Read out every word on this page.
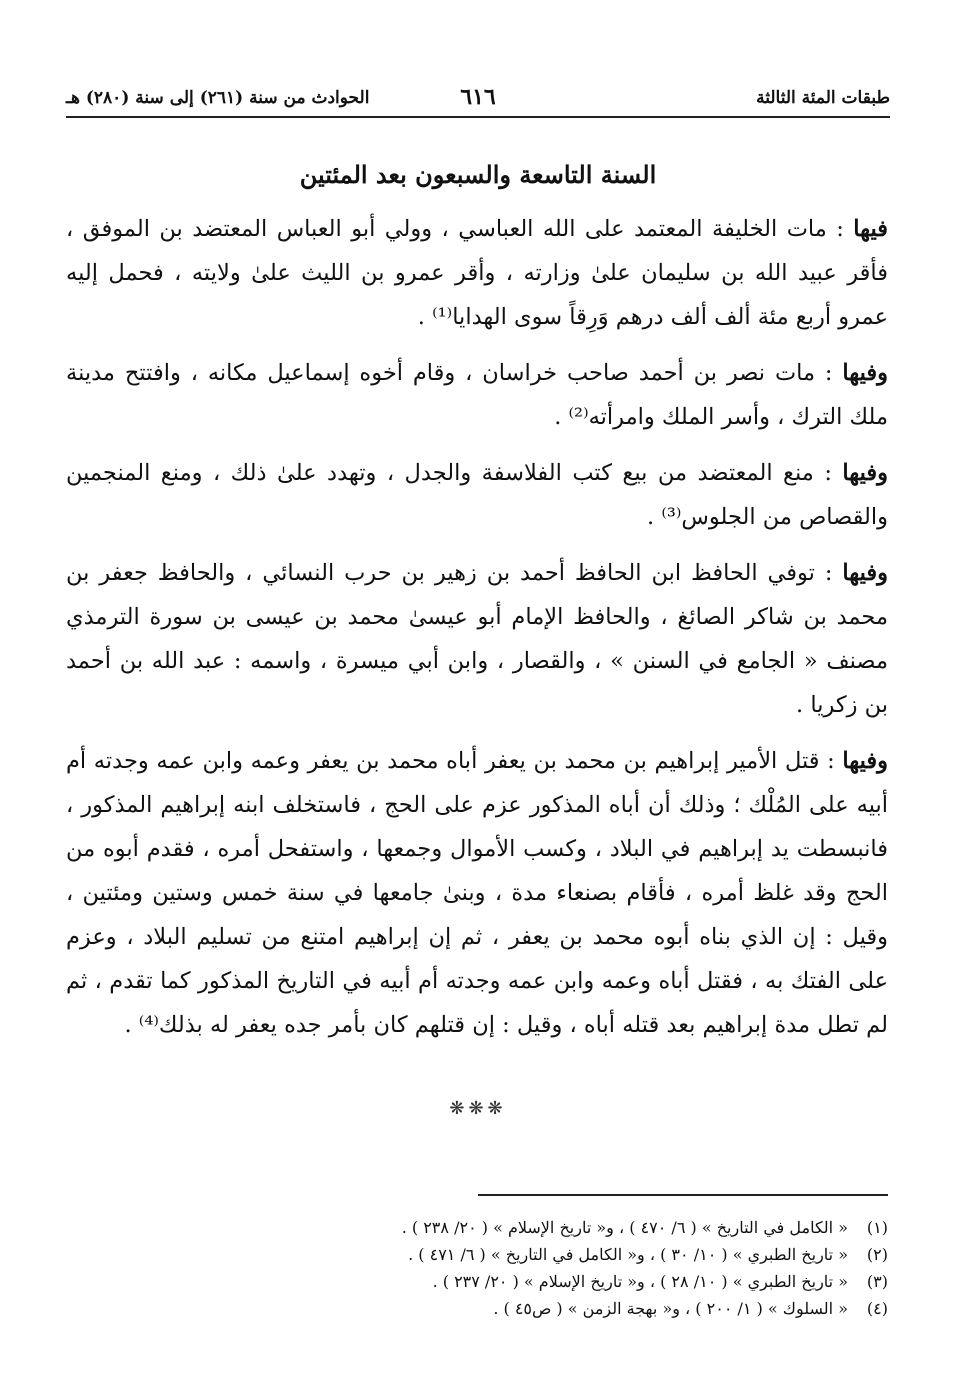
طبقات المئة الثالثة
٦١٦
الحوادث من سنة (٢٦١) إلى سنة (٢٨٠) هـ
السنة التاسعة والسبعون بعد المئتين

فيها : مات الخليفة المعتمد على الله العباسي ، وولي أبو العباس المعتضد بن الموفق ، فأقر عبيد الله بن سليمان علىٰ وزارته ، وأقر عمرو بن الليث علىٰ ولايته ، فحمل إليه عمرو أربع مئة ألف ألف درهم وَرِقاً سوى الهدايا⁽¹⁾ .

وفيها : مات نصر بن أحمد صاحب خراسان ، وقام أخوه إسماعيل مكانه ، وافتتح مدينة ملك الترك ، وأسر الملك وامرأته⁽²⁾ .

وفيها : منع المعتضد من بيع كتب الفلاسفة والجدل ، وتهدد علىٰ ذلك ، ومنع المنجمين والقصاص من الجلوس⁽³⁾ .

وفيها : توفي الحافظ ابن الحافظ أحمد بن زهير بن حرب النسائي ، والحافظ جعفر بن محمد بن شاكر الصائغ ، والحافظ الإمام أبو عيسىٰ محمد بن عيسى بن سورة الترمذي مصنف « الجامع في السنن » ، والقصار ، وابن أبي ميسرة ، واسمه : عبد الله بن أحمد بن زكريا .

وفيها : قتل الأمير إبراهيم بن محمد بن يعفر أباه محمد بن يعفر وعمه وابن عمه وجدته أم أبيه على المُلْك ؛ وذلك أن أباه المذكور عزم على الحج ، فاستخلف ابنه إبراهيم المذكور ، فانبسطت يد إبراهيم في البلاد ، وكسب الأموال وجمعها ، واستفحل أمره ، فقدم أبوه من الحج وقد غلظ أمره ، فأقام بصنعاء مدة ، وبنىٰ جامعها في سنة خمس وستين ومئتين ، وقيل : إن الذي بناه أبوه محمد بن يعفر ، ثم إن إبراهيم امتنع من تسليم البلاد ، وعزم على الفتك به ، فقتل أباه وعمه وابن عمه وجدته أم أبيه في التاريخ المذكور كما تقدم ، ثم لم تطل مدة إبراهيم بعد قتله أباه ، وقيل : إن قتلهم كان بأمر جده يعفر له بذلك⁽⁴⁾ .

❋❋❋
(١)« الكامل في التاريخ » ( ٦/ ٤٧٠ ) ، و« تاريخ الإسلام » ( ٢٠/ ٢٣٨ ) .
(٢)« تاريخ الطبري » ( ١٠/ ٣٠ ) ، و« الكامل في التاريخ » ( ٦/ ٤٧١ ) .
(٣)« تاريخ الطبري » ( ١٠/ ٢٨ ) ، و« تاريخ الإسلام » ( ٢٠/ ٢٣٧ ) .
(٤)« السلوك » ( ١/ ٢٠٠ ) ، و« بهجة الزمن » ( ص٤٥ ) .
